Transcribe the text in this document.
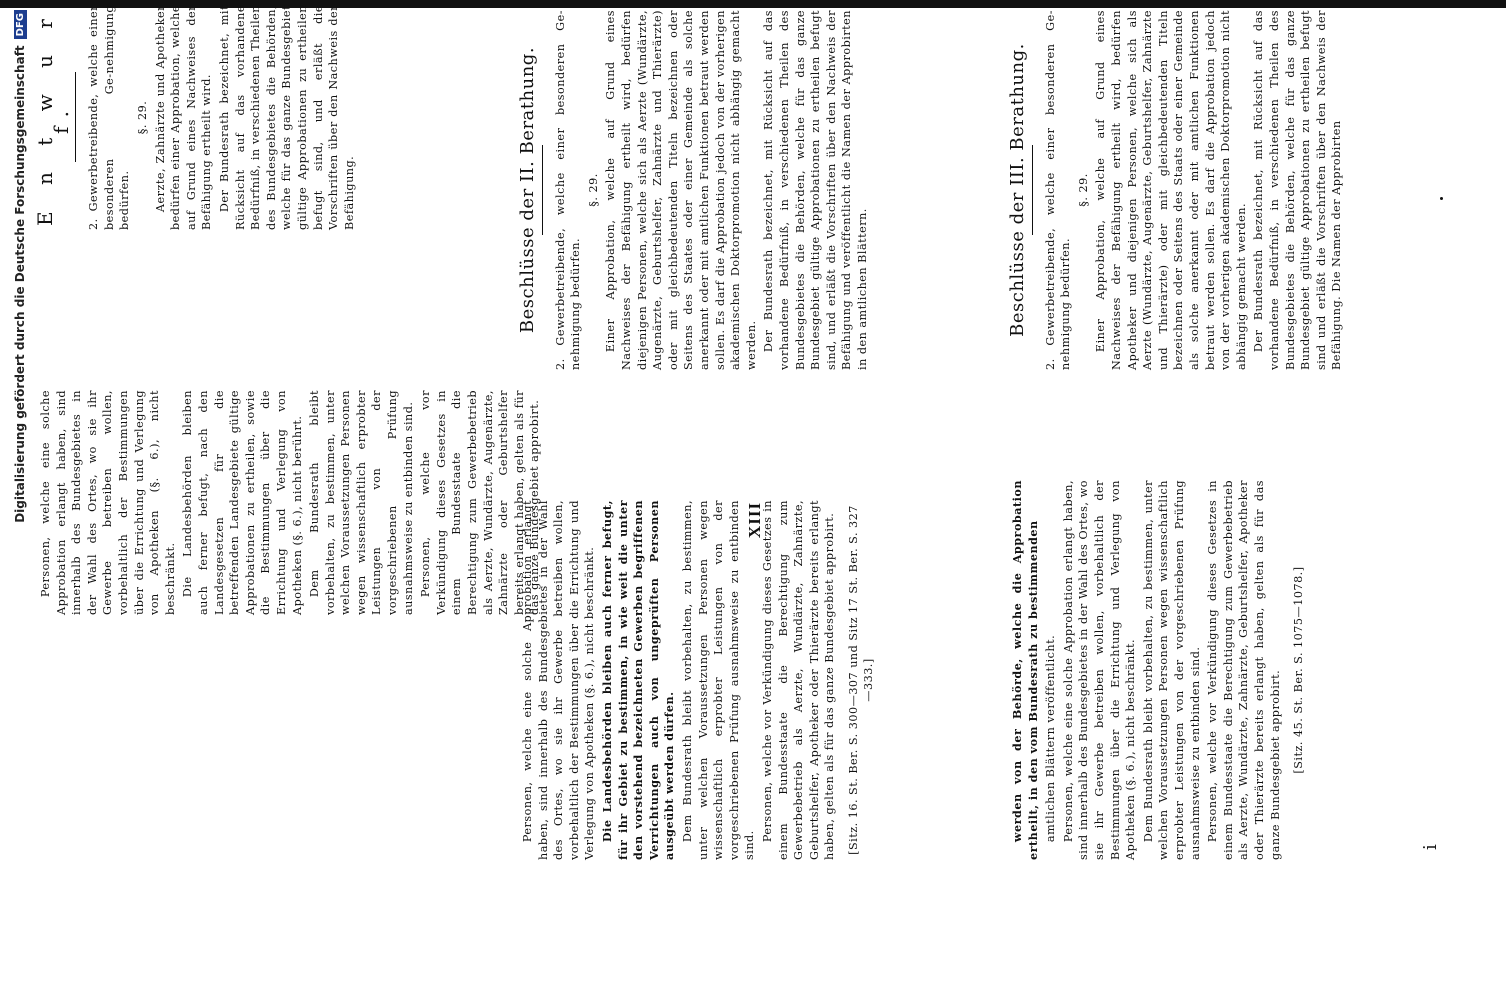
Digitalisierung gefördert durch die Deutsche Forschungsgemeinschaft
DFG
XIII
E n t w u r f. 2. Gewerbetreibende, welche einer besonderen Ge-nehmigung bedürfen.

§. 29. Aerzte, Zahnärzte und Apotheker bedürfen einer Approbation, welche auf Grund eines Nachweises der Befähigung ertheilt wird. Der Bundesrath bezeichnet, mit Rücksicht auf das vorhandene Bedürfniß, in verschiedenen Theilen des Bundesgebietes die Behörden, welche für das ganze Bundesgebiet gültige Approbationen zu ertheilen befugt sind, und erläßt die Vorschriften über den Nachweis der Befähigung.

Personen, welche eine solche Approbation erlangt haben, sind innerhalb des Bundesgebietes in der Wahl des Ortes, wo sie ihr Gewerbe betreiben wollen, vorbehaltlich der Bestimmungen über die Errichtung und Verlegung von Apotheken (§. 6.), nicht beschränkt. Die Landesbehörden bleiben auch ferner befugt, nach den Landesgesetzen für die betreffenden Landesgebiete gültige Approbationen zu ertheilen, sowie die Bestimmungen über die Errichtung und Verlegung von Apotheken (§. 6.), nicht berührt. Dem Bundesrath bleibt vorbehalten, zu bestimmen, unter welchen Voraussetzungen Personen wegen wissenschaftlich erprobter Leistungen von der vorgeschriebenen Prüfung ausnahmsweise zu entbinden sind. Personen, welche vor Verkündigung dieses Gesetzes in einem Bundesstaate die Berechtigung zum Gewerbebetrieb als Aerzte, Wundärzte, Augenärzte, Zahnärzte oder Geburtshelfer bereits erlangt haben, gelten als für das ganze Bundesgebiet approbirt.

Beschlüsse der II. Berathung. 2. Gewerbetreibende, welche einer besonderen Ge-nehmigung bedürfen.

§. 29. Einer Approbation, welche auf Grund eines Nachweises der Befähigung ertheilt wird, bedürfen diejenigen Personen, welche sich als Aerzte (Wundärzte, Augenärzte, Geburtshelfer, Zahnärzte und Thierärzte) oder mit gleichbedeutenden Titeln bezeichnen oder Seitens des Staates oder einer Gemeinde als solche anerkannt oder mit amtlichen Funktionen betraut werden sollen. Es darf die Approbation jedoch von der vorherigen akademischen Doktorpromotion nicht abhängig gemacht werden. Der Bundesrath bezeichnet, mit Rücksicht auf das vorhandene Bedürfniß, in verschiedenen Theilen des Bundesgebietes die Behörden, welche für das ganze Bundesgebiet gültige Approbationen zu ertheilen befugt sind, und erläßt die Vorschriften über den Nachweis der Befähigung und veröffentlicht die Namen der Approbirten in den amtlichen Blättern.

Personen, welche eine solche Approbation erlangt haben, sind innerhalb des Bundesgebietes in der Wahl des Ortes, wo sie ihr Gewerbe betreiben wollen, vorbehaltlich der Bestimmungen über die Errichtung und Verlegung von Apotheken (§. 6.), nicht beschränkt. Die Landesbehörden bleiben auch ferner befugt, für ihr Gebiet zu bestimmen, in wie weit die unter den vorstehend bezeichneten Gewerben begriffenen Verrichtungen auch von ungeprüften Personen ausgeübt werden dürfen. Dem Bundesrath bleibt vorbehalten, zu bestimmen, unter welchen Voraussetzungen Personen wegen wissenschaftlich erprobter Leistungen von der vorgeschriebenen Prüfung ausnahmsweise zu entbinden sind.

Personen, welche vor Verkündigung dieses Gesetzes in einem Bundesstaate die Berechtigung zum Gewerbebetrieb als Aerzte, Wundärzte, Zahnärzte, Geburtshelfer, Apotheker oder Thierärzte bereits erlangt haben, gelten als für das ganze Bundesgebiet approbirt. [Sitz. 16. St. Ber. S. 300—307 und Sitz 17 St. Ber. S. 327—333.]
Beschlüsse der III. Berathung. 2. Gewerbetreibende, welche einer besonderen Ge-nehmigung bedürfen.

§. 29. Einer Approbation, welche auf Grund eines Nachweises der Befähigung ertheilt wird, bedürfen Apotheker und diejenigen Personen, welche sich als Aerzte (Wundärzte, Augenärzte, Geburtshelfer, Zahnärzte und Thierärzte) oder mit gleichbedeutenden Titeln bezeichnen oder Seitens des Staats oder einer Gemeinde als solche anerkannt oder mit amtlichen Funktionen betraut werden sollen. Es darf die Approbation jedoch von der vorherigen akademischen Doktorpromotion nicht abhängig gemacht werden. Der Bundesrath bezeichnet, mit Rücksicht auf das vorhandene Bedürfniß, in verschiedenen Theilen des Bundesgebietes die Behörden, welche für das ganze Bundesgebiet gültige Approbationen zu ertheilen befugt sind und erläßt die Vorschriften über den Nachweis der Befähigung. Die Namen der Approbirten

werden von der Behörde, welche die Approbation ertheilt, in den vom Bundesrath zu bestimmenden amtlichen Blättern veröffentlicht. Personen, welche eine solche Approbation erlangt haben, sind innerhalb des Bundesgebietes in der Wahl des Ortes, wo sie ihr Gewerbe betreiben wollen, vorbehaltlich der Bestimmungen über die Errichtung und Verlegung von Apotheken (§. 6.), nicht beschränkt. Dem Bundesrath bleibt vorbehalten, zu bestimmen, unter welchen Voraussetzungen Personen wegen wissenschaftlich erprobter Leistungen von der vorgeschriebenen Prüfung ausnahmsweise zu entbinden sind. Personen, welche vor Verkündigung dieses Gesetzes in einem Bundesstaate die Berechtigung zum Gewerbebetrieb als Aerzte, Wundärzte, Zahnärzte, Geburtshelfer, Apotheker oder Thierärzte bereits erlangt haben, gelten als für das ganze Bundesgebiet approbirt. [Sitz. 45. St. Ber. S. 1075—1078.]
i
